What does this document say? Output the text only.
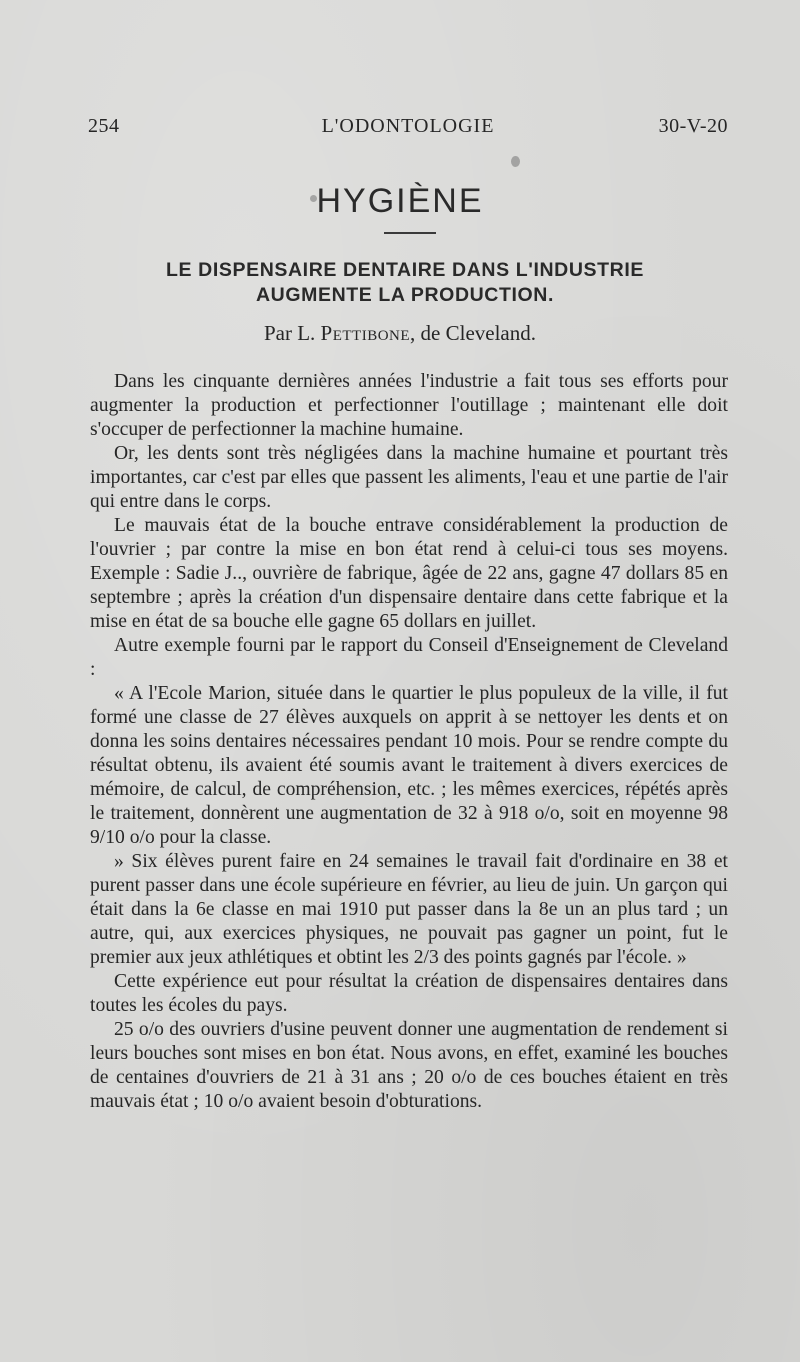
254	L'ODONTOLOGIE	30-V-20
HYGIÈNE
LE DISPENSAIRE DENTAIRE DANS L'INDUSTRIE
AUGMENTE LA PRODUCTION.
Par L. Pettibone, de Cleveland.

Dans les cinquante dernières années l'industrie a fait tous ses efforts pour augmenter la production et perfectionner l'outillage ; maintenant elle doit s'occuper de perfectionner la machine humaine.

Or, les dents sont très négligées dans la machine humaine et pourtant très importantes, car c'est par elles que passent les aliments, l'eau et une partie de l'air qui entre dans le corps.

Le mauvais état de la bouche entrave considérablement la production de l'ouvrier ; par contre la mise en bon état rend à celui-ci tous ses moyens. Exemple : Sadie J.., ouvrière de fabrique, âgée de 22 ans, gagne 47 dollars 85 en septembre ; après la création d'un dispensaire dentaire dans cette fabrique et la mise en état de sa bouche elle gagne 65 dollars en juillet.

Autre exemple fourni par le rapport du Conseil d'Enseignement de Cleveland :

« A l'Ecole Marion, située dans le quartier le plus populeux de la ville, il fut formé une classe de 27 élèves auxquels on apprit à se nettoyer les dents et on donna les soins dentaires nécessaires pendant 10 mois. Pour se rendre compte du résultat obtenu, ils avaient été soumis avant le traitement à divers exercices de mémoire, de calcul, de compréhension, etc. ; les mêmes exercices, répétés après le traitement, donnèrent une augmentation de 32 à 918 o/o, soit en moyenne 98 9/10 o/o pour la classe.

» Six élèves purent faire en 24 semaines le travail fait d'ordinaire en 38 et purent passer dans une école supérieure en février, au lieu de juin. Un garçon qui était dans la 6e classe en mai 1910 put passer dans la 8e un an plus tard ; un autre, qui, aux exercices physiques, ne pouvait pas gagner un point, fut le premier aux jeux athlétiques et obtint les 2/3 des points gagnés par l'école. »

Cette expérience eut pour résultat la création de dispensaires dentaires dans toutes les écoles du pays.

25 o/o des ouvriers d'usine peuvent donner une augmentation de rendement si leurs bouches sont mises en bon état. Nous avons, en effet, examiné les bouches de centaines d'ouvriers de 21 à 31 ans ; 20 o/o de ces bouches étaient en très mauvais état ; 10 o/o avaient besoin d'obturations.
